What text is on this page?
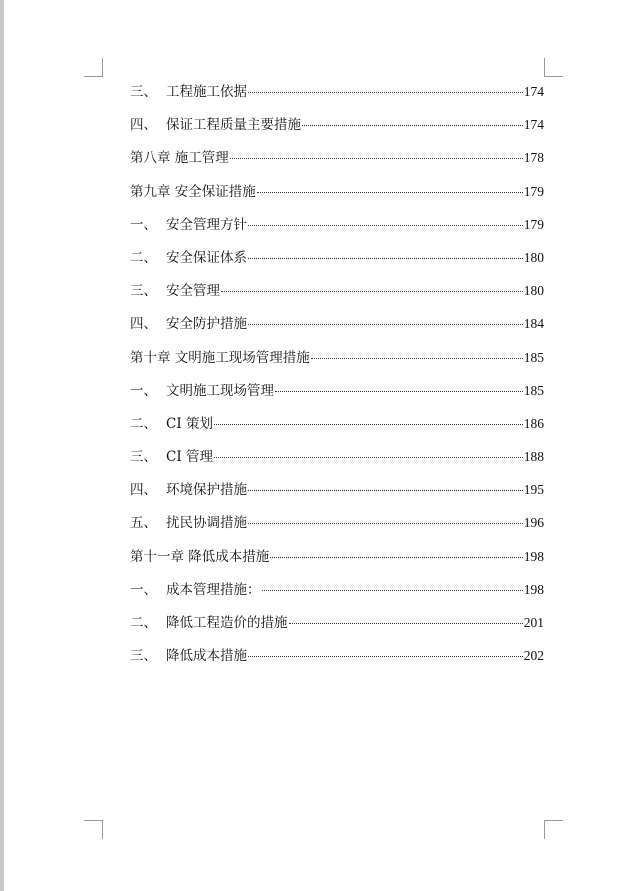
三、 工程施工依据	174
四、 保证工程质量主要措施	174
第八章 施工管理	178
第九章 安全保证措施	179
一、 安全管理方针	179
二、 安全保证体系	180
三、 安全管理	180
四、 安全防护措施	184
第十章 文明施工现场管理措施	185
一、 文明施工现场管理	185
二、 CI 策划	186
三、 CI 管理	188
四、 环境保护措施	195
五、 扰民协调措施	196
第十一章 降低成本措施	198
一、 成本管理措施：	198
二、 降低工程造价的措施	201
三、 降低成本措施	202
